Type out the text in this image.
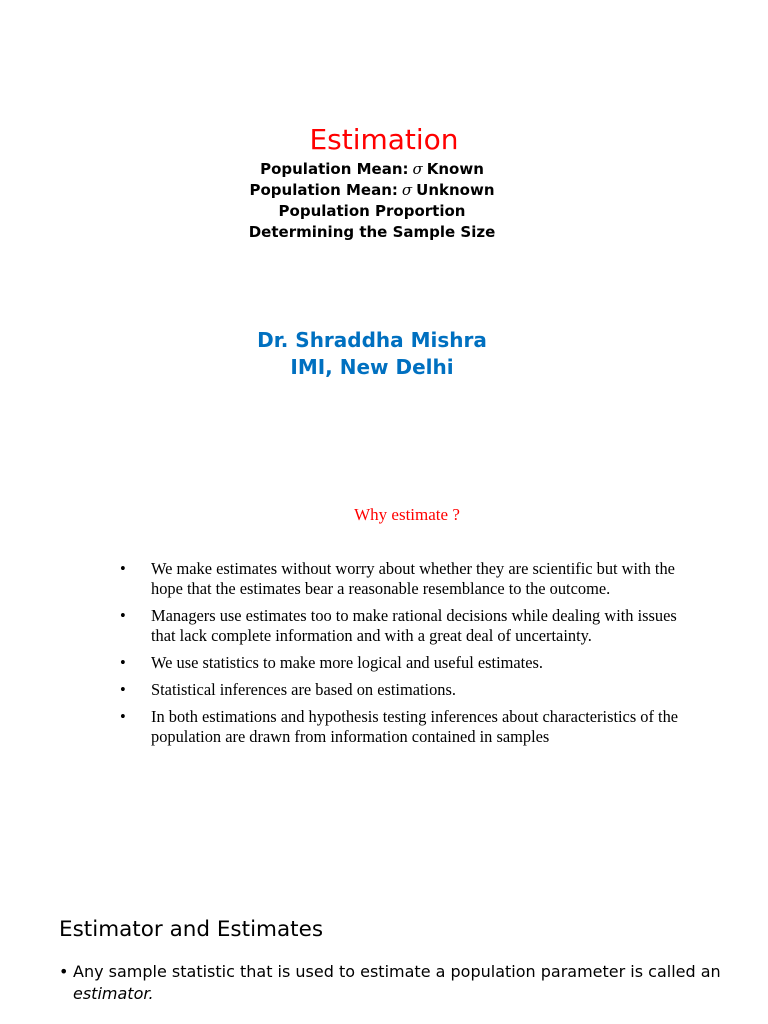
Estimation
Population Mean: σ Known
Population Mean: σ Unknown
Population Proportion
Determining the Sample Size
Dr. Shraddha Mishra
IMI, New Delhi
Why estimate ?
• We make estimates without worry about whether they are scientific but with the hope that the estimates bear a reasonable resemblance to the outcome.
• Managers use estimates too to make rational decisions while dealing with issues that lack complete information and with a great deal of uncertainty.
• We use statistics to make more logical and useful estimates.
• Statistical inferences are based on estimations.
• In both estimations and hypothesis testing inferences about characteristics of the population are drawn from information contained in samples
Estimator and Estimates
• Any sample statistic that is used to estimate a population parameter is called an estimator.
